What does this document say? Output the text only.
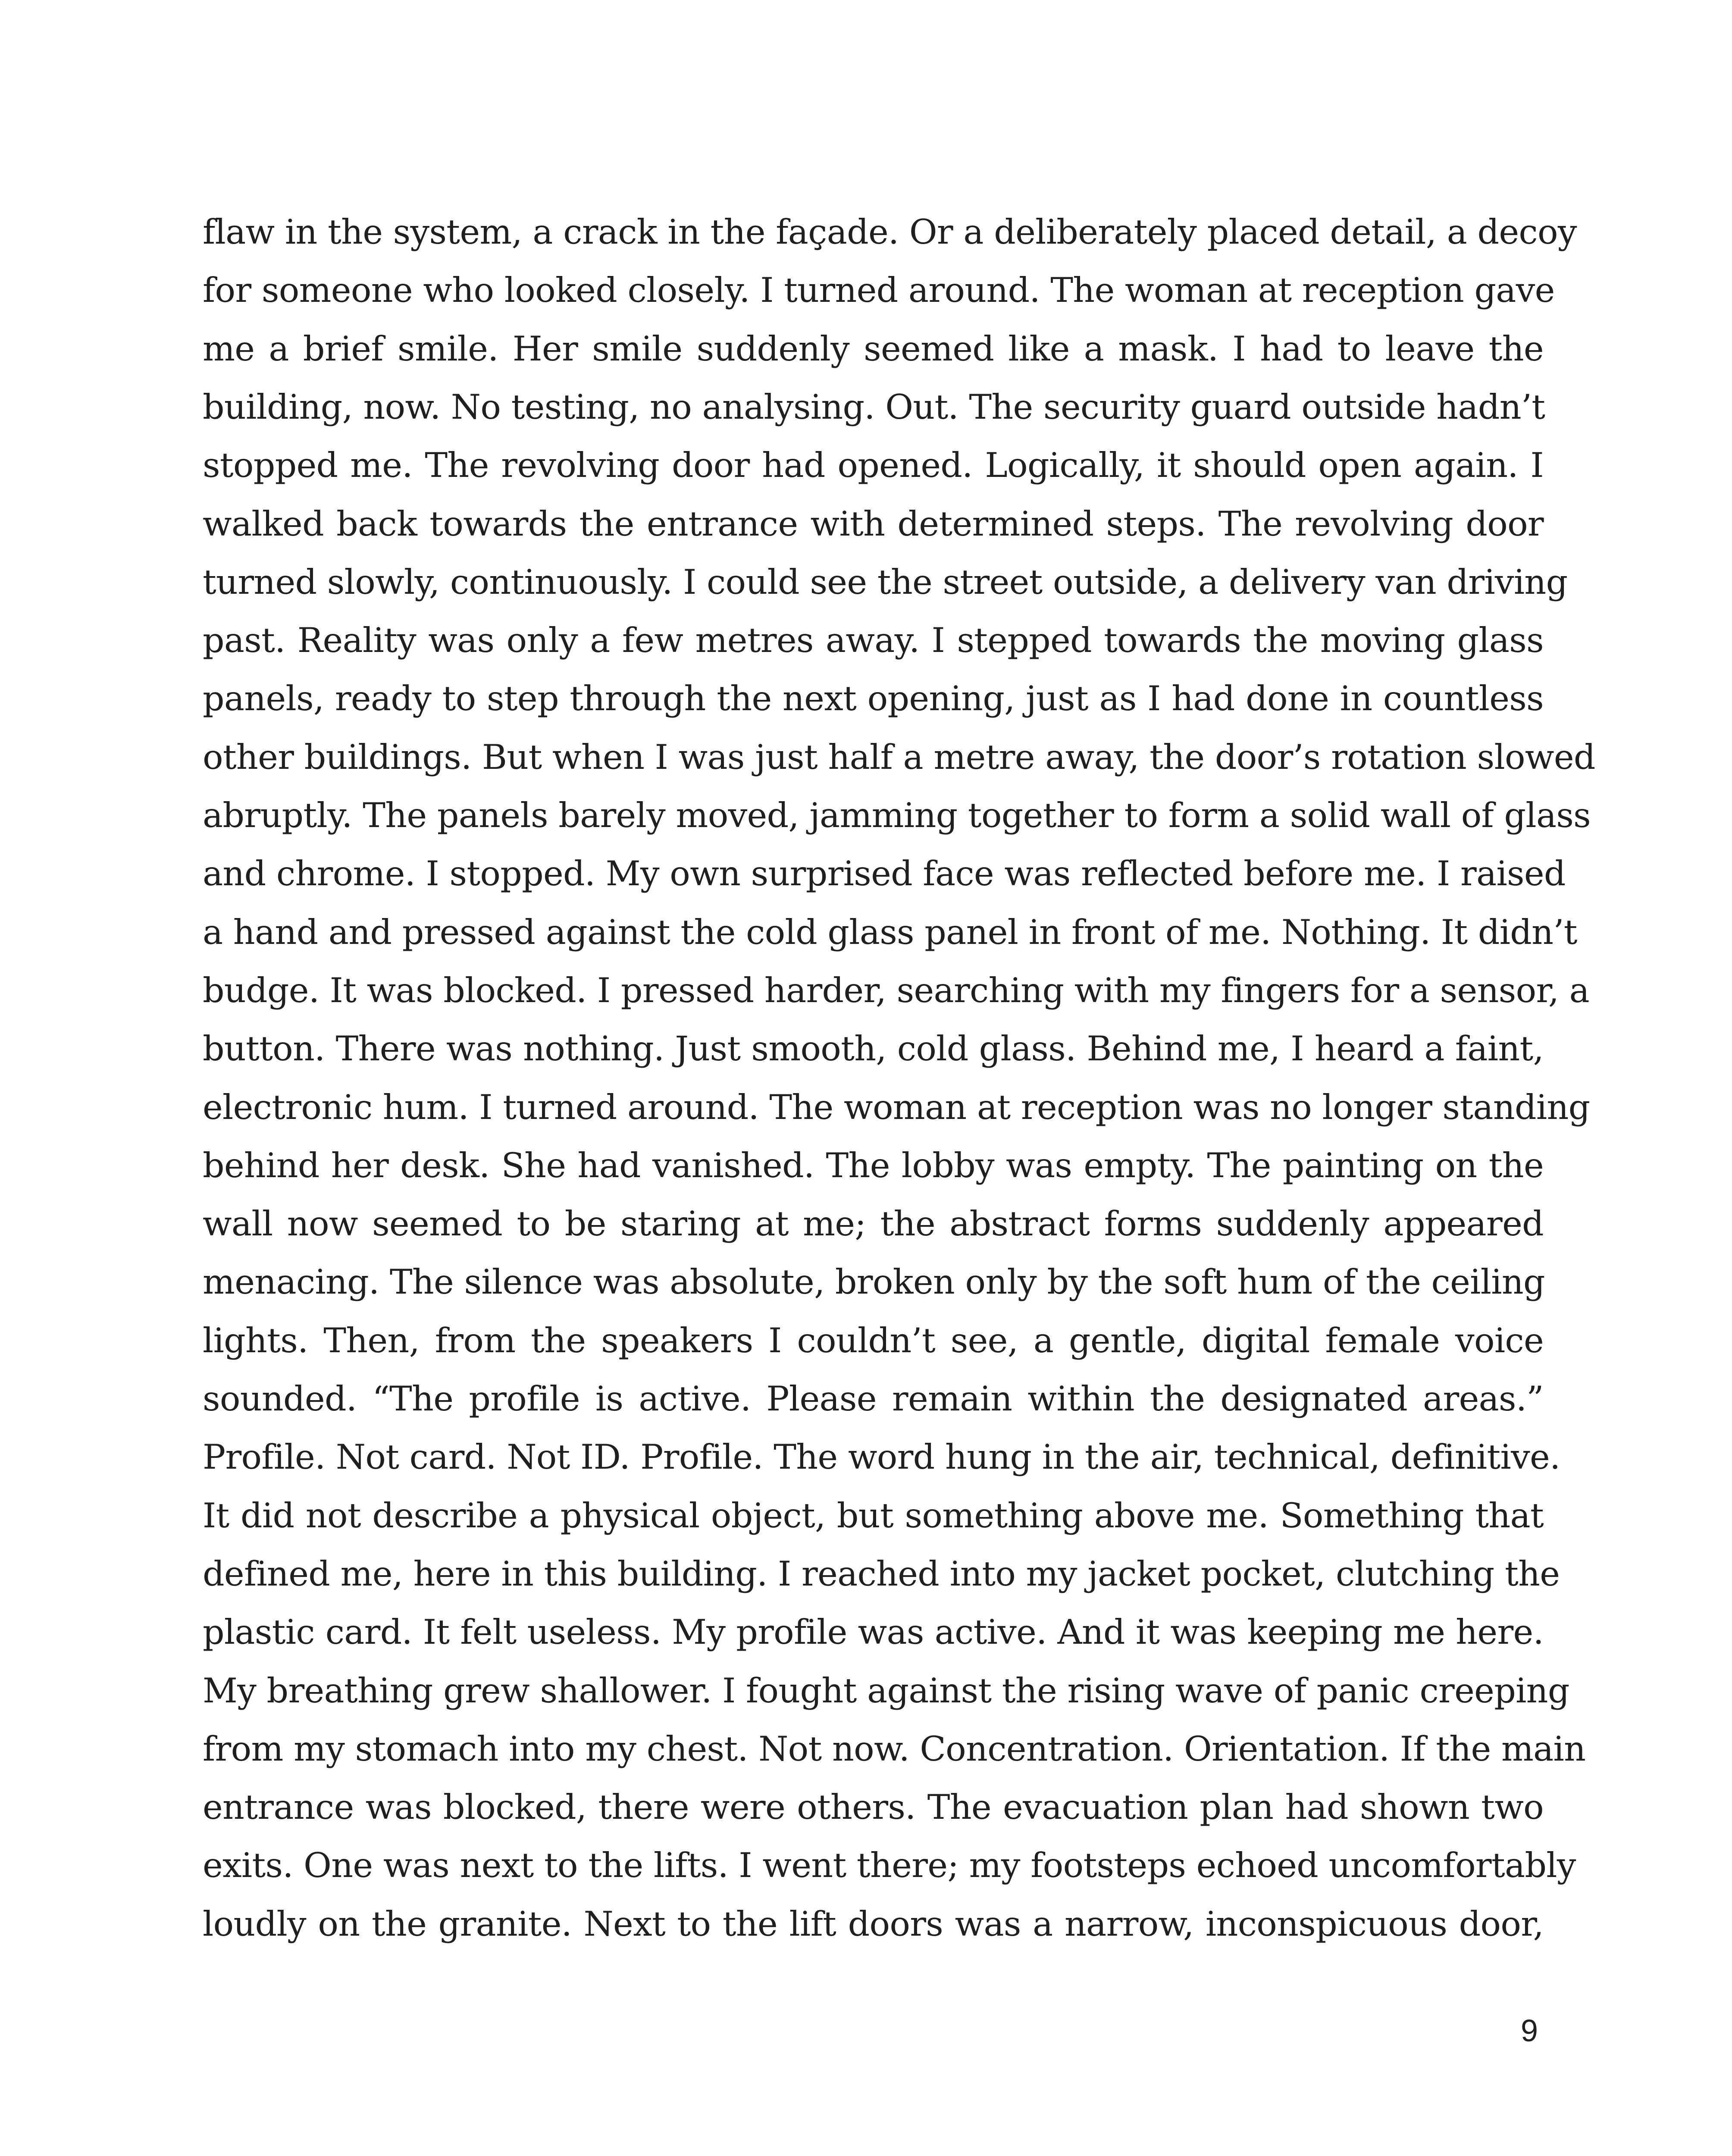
flaw in the system, a crack in the façade. Or a deliberately placed detail, a decoy
for someone who looked closely. I turned around. The woman at reception gave
me a brief smile. Her smile suddenly seemed like a mask. I had to leave the
building, now. No testing, no analysing. Out. The security guard outside hadn’t
stopped me. The revolving door had opened. Logically, it should open again. I
walked back towards the entrance with determined steps. The revolving door
turned slowly, continuously. I could see the street outside, a delivery van driving
past. Reality was only a few metres away. I stepped towards the moving glass
panels, ready to step through the next opening, just as I had done in countless
other buildings. But when I was just half a metre away, the door’s rotation slowed
abruptly. The panels barely moved, jamming together to form a solid wall of glass
and chrome. I stopped. My own surprised face was reflected before me. I raised
a hand and pressed against the cold glass panel in front of me. Nothing. It didn’t
budge. It was blocked. I pressed harder, searching with my fingers for a sensor, a
button. There was nothing. Just smooth, cold glass. Behind me, I heard a faint,
electronic hum. I turned around. The woman at reception was no longer standing
behind her desk. She had vanished. The lobby was empty. The painting on the
wall now seemed to be staring at me; the abstract forms suddenly appeared
menacing. The silence was absolute, broken only by the soft hum of the ceiling
lights. Then, from the speakers I couldn’t see, a gentle, digital female voice
sounded. “The profile is active. Please remain within the designated areas.”
Profile. Not card. Not ID. Profile. The word hung in the air, technical, definitive.
It did not describe a physical object, but something above me. Something that
defined me, here in this building. I reached into my jacket pocket, clutching the
plastic card. It felt useless. My profile was active. And it was keeping me here.
My breathing grew shallower. I fought against the rising wave of panic creeping
from my stomach into my chest. Not now. Concentration. Orientation. If the main
entrance was blocked, there were others. The evacuation plan had shown two
exits. One was next to the lifts. I went there; my footsteps echoed uncomfortably
loudly on the granite. Next to the lift doors was a narrow, inconspicuous door,
9
